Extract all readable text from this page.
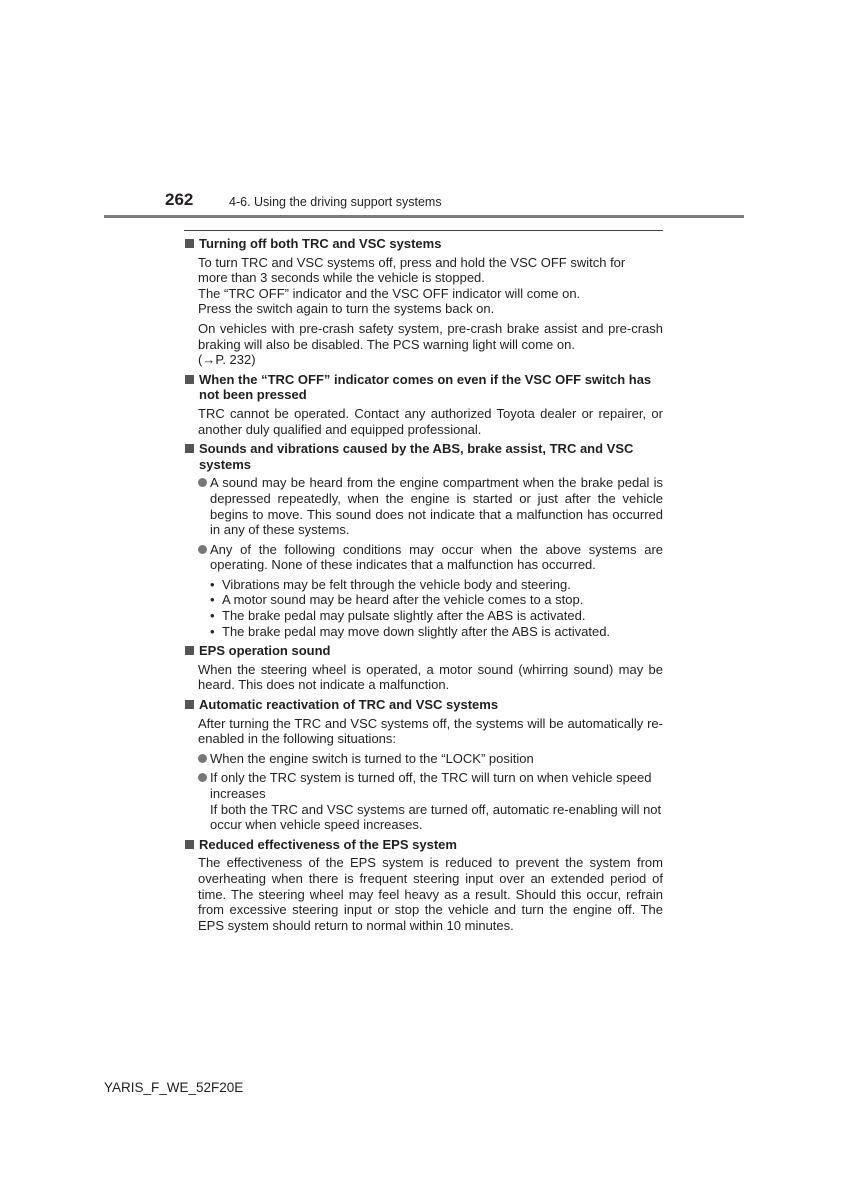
262	4-6. Using the driving support systems
Turning off both TRC and VSC systems
To turn TRC and VSC systems off, press and hold the VSC OFF switch for
more than 3 seconds while the vehicle is stopped.
The “TRC OFF” indicator and the VSC OFF indicator will come on.
Press the switch again to turn the systems back on.
On vehicles with pre-crash safety system, pre-crash brake assist and pre-crash braking will also be disabled. The PCS warning light will come on.
(→P. 232)
When the “TRC OFF” indicator comes on even if the VSC OFF switch has not been pressed
TRC cannot be operated. Contact any authorized Toyota dealer or repairer, or another duly qualified and equipped professional.
Sounds and vibrations caused by the ABS, brake assist, TRC and VSC systems
A sound may be heard from the engine compartment when the brake pedal is depressed repeatedly, when the engine is started or just after the vehicle begins to move. This sound does not indicate that a malfunction has occurred in any of these systems.
Any of the following conditions may occur when the above systems are operating. None of these indicates that a malfunction has occurred.
• Vibrations may be felt through the vehicle body and steering.
• A motor sound may be heard after the vehicle comes to a stop.
• The brake pedal may pulsate slightly after the ABS is activated.
• The brake pedal may move down slightly after the ABS is activated.
EPS operation sound
When the steering wheel is operated, a motor sound (whirring sound) may be heard. This does not indicate a malfunction.
Automatic reactivation of TRC and VSC systems
After turning the TRC and VSC systems off, the systems will be automatically re-enabled in the following situations:
When the engine switch is turned to the “LOCK” position
If only the TRC system is turned off, the TRC will turn on when vehicle speed increases
If both the TRC and VSC systems are turned off, automatic re-enabling will not occur when vehicle speed increases.
Reduced effectiveness of the EPS system
The effectiveness of the EPS system is reduced to prevent the system from overheating when there is frequent steering input over an extended period of time. The steering wheel may feel heavy as a result. Should this occur, refrain from excessive steering input or stop the vehicle and turn the engine off. The EPS system should return to normal within 10 minutes.
YARIS_F_WE_52F20E
